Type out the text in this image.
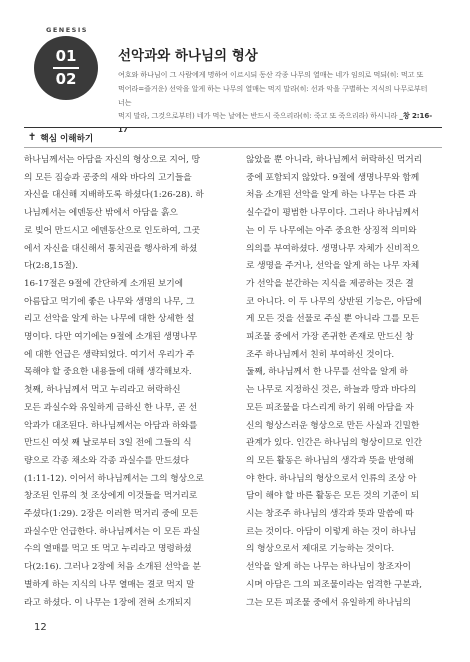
GENESIS
01
02
선악과와 하나님의 형상
여호와 하나님이 그 사람에게 명하여 이르시되 동산 각종 나무의 열매는 네가 임의로 먹되(히: 먹고 또
먹어라=즐거운) 선악을 알게 하는 나무의 열매는 먹지 말라(히: 선과 악을 구별하는 지식의 나무로부터 너는
먹지 말라, 그것으로부터) 네가 먹는 날에는 반드시 죽으리라(히: 죽고 또 죽으리라) 하시니라 _창 2:16-17
✝ 핵심 이해하기

하나님께서는 아담을 자신의 형상으로 지어, 땅

의 모든 짐승과 공중의 새와 바다의 고기들을

자신을 대신해 지배하도록 하셨다(1:26-28). 하

나님께서는 에덴동산 밖에서 아담을 흙으

로 빚어 만드시고 에덴동산으로 인도하여, 그곳

에서 자신을 대신해서 통치권을 행사하게 하셨

다(2:8,15절).

16-17절은 9절에 간단하게 소개된 보기에

아름답고 먹기에 좋은 나무와 생명의 나무, 그

리고 선악을 알게 하는 나무에 대한 상세한 설

명이다. 다만 여기에는 9절에 소개된 생명나무

에 대한 언급은 생략되었다. 여기서 우리가 주

목해야 할 중요한 내용들에 대해 생각해보자.

첫째, 하나님께서 먹고 누리라고 허락하신

모든 과실수와 유일하게 금하신 한 나무, 곧 선

악과가 대조된다. 하나님께서는 아담과 하와를

만드신 여섯 째 날로부터 3일 전에 그들의 식

량으로 각종 채소와 각종 과실수를 만드셨다

(1:11-12). 이어서 하나님께서는 그의 형상으로

창조된 인류의 첫 조상에게 이것들을 먹거리로

주셨다(1:29). 2장은 이러한 먹거리 중에 모든

과실수만 언급한다. 하나님께서는 이 모든 과실

수의 열매를 먹고 또 먹고 누리라고 명령하셨

다(2:16). 그러나 2장에 처음 소개된 선악을 분

별하게 하는 지식의 나무 열매는 결코 먹지 말

라고 하셨다. 이 나무는 1장에 전혀 소개되지

않았을 뿐 아니라, 하나님께서 허락하신 먹거리

중에 포함되지 않았다. 9절에 생명나무와 함께

처음 소개된 선악을 알게 하는 나무는 다른 과

실수같이 평범한 나무이다. 그러나 하나님께서

는 이 두 나무에는 아주 중요한 상징적 의미와

의의를 부여하셨다. 생명나무 자체가 신비적으

로 생명을 주거나, 선악을 알게 하는 나무 자체

가 선악을 분간하는 지식을 제공하는 것은 결

코 아니다. 이 두 나무의 상반된 기능은, 아담에

게 모든 것을 선물로 주실 뿐 아니라 그를 모든

피조물 중에서 가장 존귀한 존재로 만드신 창

조주 하나님께서 친히 부여하신 것이다.

둘째, 하나님께서 한 나무를 선악을 알게 하

는 나무로 지정하신 것은, 하늘과 땅과 바다의

모든 피조물을 다스리게 하기 위해 아담을 자

신의 형상스러운 형상으로 만든 사실과 긴밀한

관계가 있다. 인간은 하나님의 형상이므로 인간

의 모든 활동은 하나님의 생각과 뜻을 반영해

야 한다. 하나님의 형상으로서 인류의 조상 아

담이 해야 할 바른 활동은 모든 것의 기준이 되

시는 창조주 하나님의 생각과 뜻과 말씀에 따

르는 것이다. 아담이 이렇게 하는 것이 하나님

의 형상으로서 제대로 기능하는 것이다.

선악을 알게 하는 나무는 하나님이 창조자이

시며 아담은 그의 피조물이라는 엄격한 구분과,

그는 모든 피조물 중에서 유일하게 하나님의

12
